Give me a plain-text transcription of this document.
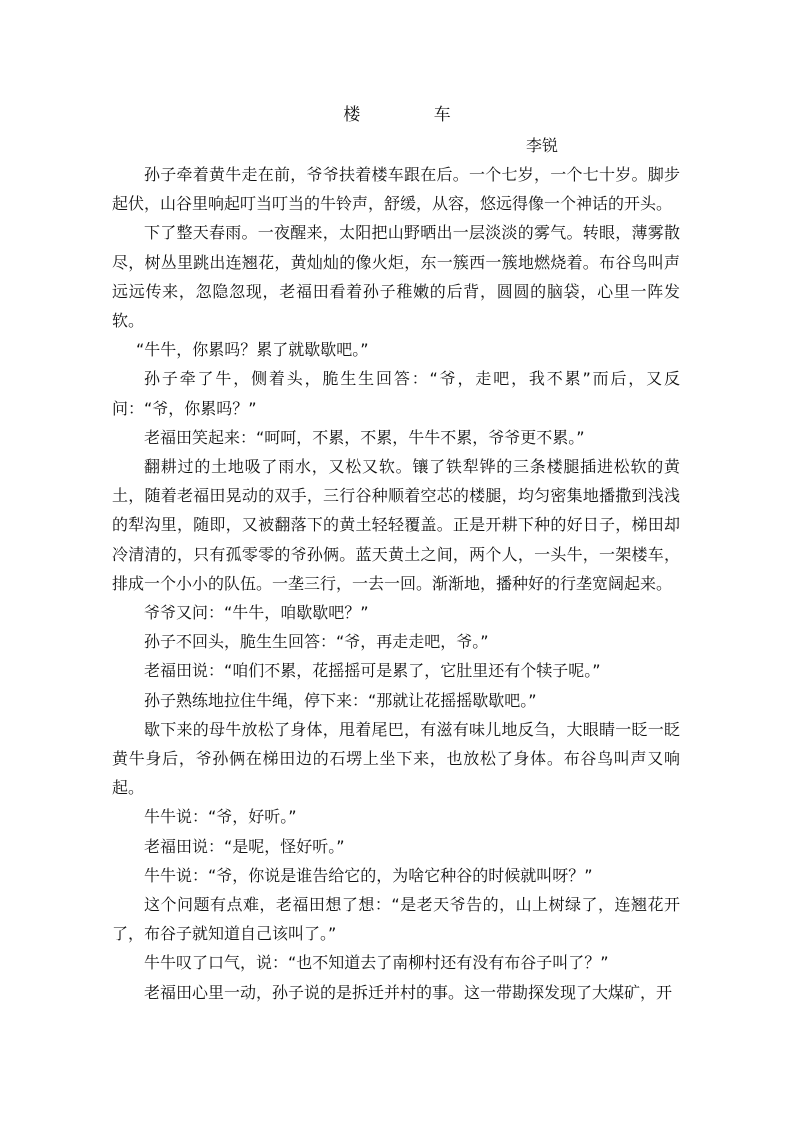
楼 车
李锐

孙子牵着黄牛走在前，爷爷扶着楼车跟在后。一个七岁，一个七十岁。脚步起伏，山谷里响起叮当叮当的牛铃声，舒缓，从容，悠远得像一个神话的开头。

下了整天春雨。一夜醒来，太阳把山野晒出一层淡淡的雾气。转眼，薄雾散尽，树丛里跳出连翘花，黄灿灿的像火炬，东一簇西一簇地燃烧着。布谷鸟叫声远远传来，忽隐忽现，老福田看着孙子稚嫩的后背，圆圆的脑袋，心里一阵发软。

“牛牛，你累吗？累了就歇歇吧。”

孙子牵了牛，侧着头，脆生生回答：“爷，走吧，我不累”而后，又反问：“爷，你累吗？”

老福田笑起来：“呵呵，不累，不累，牛牛不累，爷爷更不累。”

翻耕过的土地吸了雨水，又松又软。镶了铁犁铧的三条楼腿插进松软的黄土，随着老福田晃动的双手，三行谷种顺着空芯的楼腿，均匀密集地播撒到浅浅的犁沟里，随即，又被翻落下的黄土轻轻覆盖。正是开耕下种的好日子，梯田却冷清清的，只有孤零零的爷孙俩。蓝天黄土之间，两个人，一头牛，一架楼车，排成一个小小的队伍。一垄三行，一去一回。渐渐地，播种好的行垄宽阔起来。

爷爷又问：“牛牛，咱歇歇吧？”

孙子不回头，脆生生回答：“爷，再走走吧，爷。”

老福田说：“咱们不累，花摇摇可是累了，它肚里还有个犊子呢。”

孙子熟练地拉住牛绳，停下来：“那就让花摇摇歇歇吧。”

歇下来的母牛放松了身体，甩着尾巴，有滋有味儿地反刍，大眼睛一眨一眨黄牛身后，爷孙俩在梯田边的石塄上坐下来，也放松了身体。布谷鸟叫声又响起。

牛牛说：“爷，好听。”

老福田说：“是呢，怪好听。”

牛牛说：“爷，你说是谁告给它的，为啥它种谷的时候就叫呀？”

这个问题有点难，老福田想了想：“是老天爷告的，山上树绿了，连翘花开了，布谷子就知道自己该叫了。”

牛牛叹了口气，说：“也不知道去了南柳村还有没有布谷子叫了？”

老福田心里一动，孙子说的是拆迁并村的事。这一带勘探发现了大煤矿，开
